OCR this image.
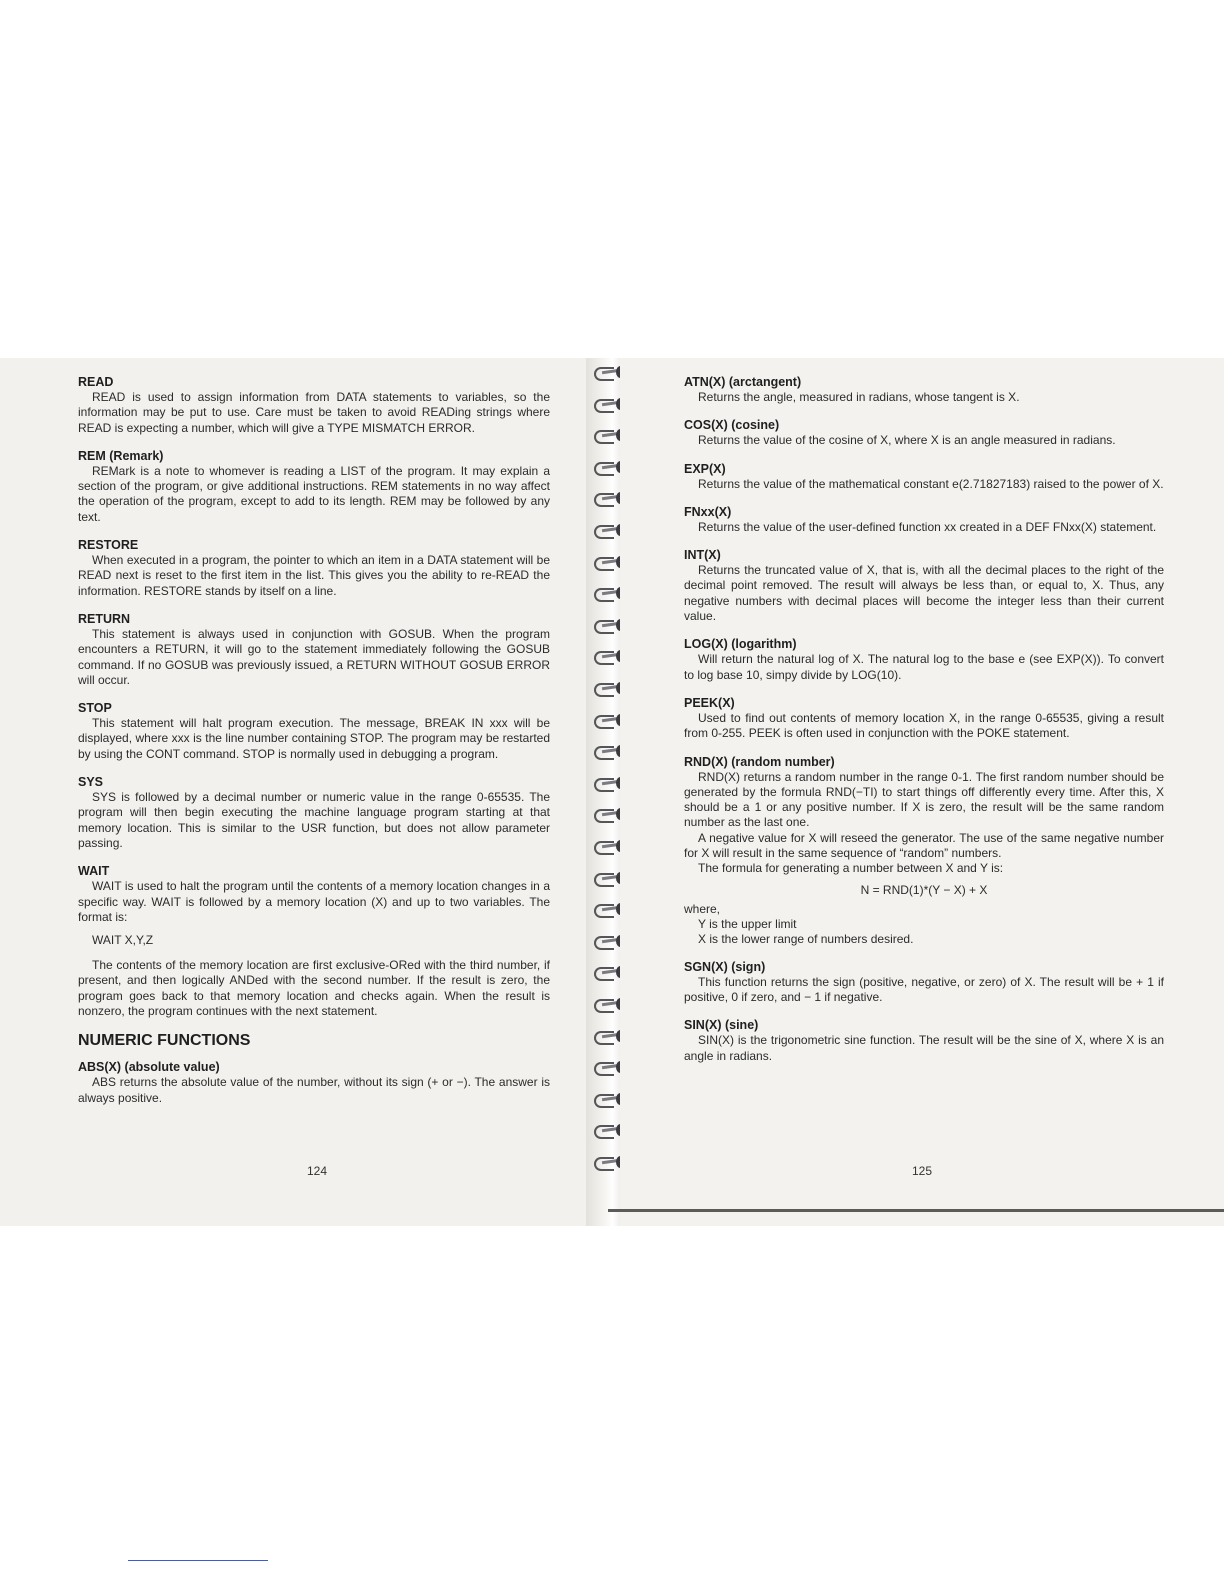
READ

READ is used to assign information from DATA statements to variables, so the information may be put to use. Care must be taken to avoid READing strings where READ is expecting a number, which will give a TYPE MISMATCH ERROR.

REM (Remark)

REMark is a note to whomever is reading a LIST of the program. It may explain a section of the program, or give additional instructions. REM statements in no way affect the operation of the program, except to add to its length. REM may be followed by any text.

RESTORE

When executed in a program, the pointer to which an item in a DATA statement will be READ next is reset to the first item in the list. This gives you the ability to re-READ the information. RESTORE stands by itself on a line.

RETURN

This statement is always used in conjunction with GOSUB. When the program encounters a RETURN, it will go to the statement immediately following the GOSUB command. If no GOSUB was previously issued, a RETURN WITHOUT GOSUB ERROR will occur.

STOP

This statement will halt program execution. The message, BREAK IN xxx will be displayed, where xxx is the line number containing STOP. The program may be restarted by using the CONT command. STOP is normally used in debugging a program.

SYS

SYS is followed by a decimal number or numeric value in the range 0-65535. The program will then begin executing the machine language program starting at that memory location. This is similar to the USR function, but does not allow parameter passing.

WAIT

WAIT is used to halt the program until the contents of a memory location changes in a specific way. WAIT is followed by a memory location (X) and up to two variables. The format is:

WAIT X,Y,Z

The contents of the memory location are first exclusive-ORed with the third number, if present, and then logically ANDed with the second number. If the result is zero, the program goes back to that memory location and checks again. When the result is nonzero, the program continues with the next statement.

NUMERIC FUNCTIONS
ABS(X) (absolute value)

ABS returns the absolute value of the number, without its sign (+ or −). The answer is always positive.

124
ATN(X) (arctangent)

Returns the angle, measured in radians, whose tangent is X.

COS(X) (cosine)

Returns the value of the cosine of X, where X is an angle measured in radians.

EXP(X)

Returns the value of the mathematical constant e(2.71827183) raised to the power of X.

FNxx(X)

Returns the value of the user-defined function xx created in a DEF FNxx(X) statement.

INT(X)

Returns the truncated value of X, that is, with all the decimal places to the right of the decimal point removed. The result will always be less than, or equal to, X. Thus, any negative numbers with decimal places will become the integer less than their current value.

LOG(X) (logarithm)

Will return the natural log of X. The natural log to the base e (see EXP(X)). To convert to log base 10, simpy divide by LOG(10).

PEEK(X)

Used to find out contents of memory location X, in the range 0-65535, giving a result from 0-255. PEEK is often used in conjunction with the POKE statement.

RND(X) (random number)

RND(X) returns a random number in the range 0-1. The first random number should be generated by the formula RND(−TI) to start things off differently every time. After this, X should be a 1 or any positive number. If X is zero, the result will be the same random number as the last one.

A negative value for X will reseed the generator. The use of the same negative number for X will result in the same sequence of “random” numbers.

The formula for generating a number between X and Y is:

N = RND(1)*(Y − X) + X

where,

Y is the upper limit

X is the lower range of numbers desired.

SGN(X) (sign)

This function returns the sign (positive, negative, or zero) of X. The result will be + 1 if positive, 0 if zero, and − 1 if negative.

SIN(X) (sine)

SIN(X) is the trigonometric sine function. The result will be the sine of X, where X is an angle in radians.

125
